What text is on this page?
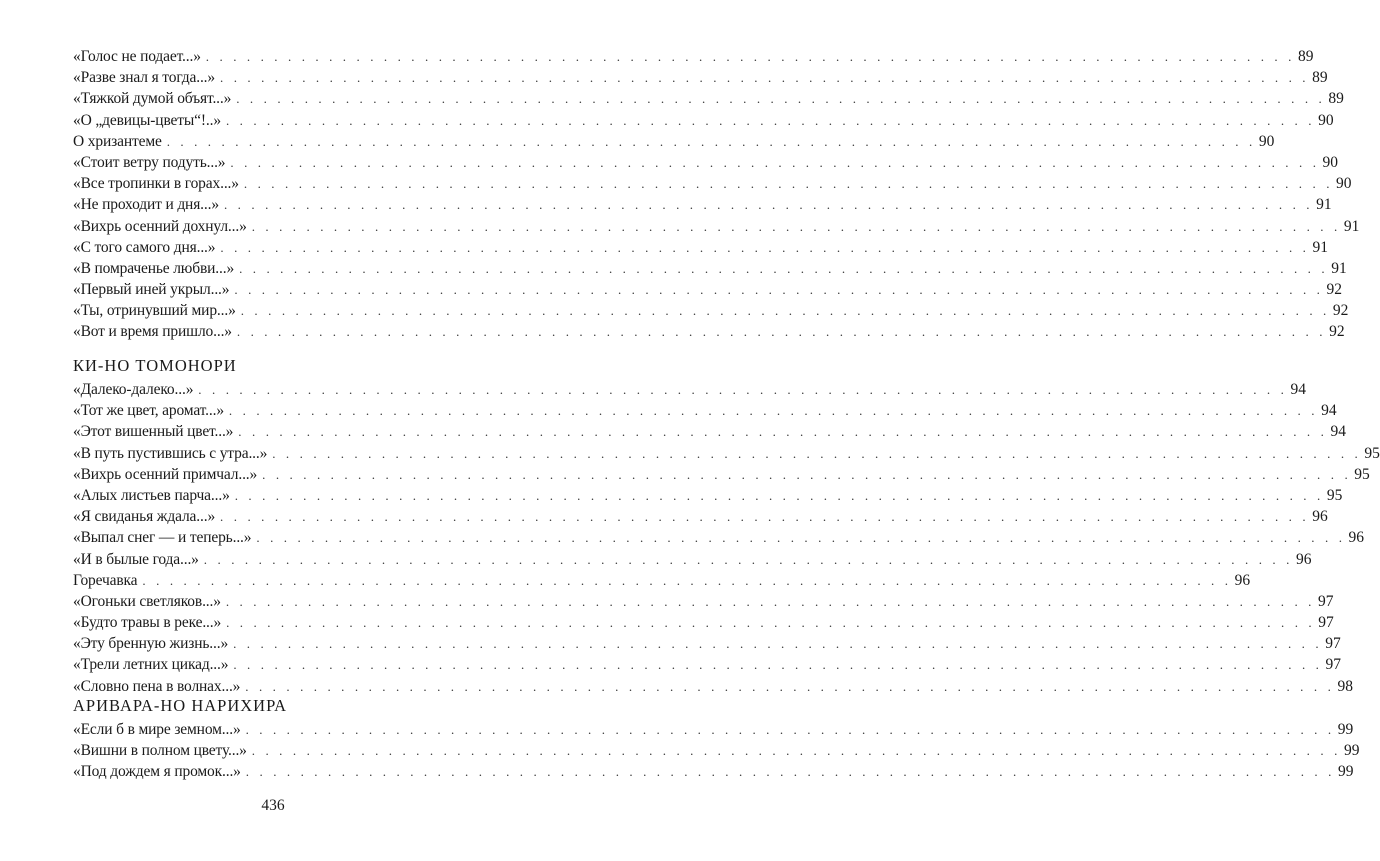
«Голос не подает...» . . . . . . . . . . . . . . . . . . . . . . . . . . . . . . . . . . . . . . . . . . . . . . . . . . . . . . . . . . . . . . . . . . . . . . . . . . . . . . . . 89
«Разве знал я тогда...» . . . . . . . . . . . . . . . . . . . . . . . . . . . . . . . . . . . . . . . . . . . . . . . . . . . . . . . . . . . . . . . . . . . . . . . . . . . . . . . . 89
«Тяжкой думой объят...» . . . . . . . . . . . . . . . . . . . . . . . . . . . . . . . . . . . . . . . . . . . . . . . . . . . . . . . . . . . . . . . . . . . . . . . . . . . . . . . . 89
«О „девицы-цветы“!..» . . . . . . . . . . . . . . . . . . . . . . . . . . . . . . . . . . . . . . . . . . . . . . . . . . . . . . . . . . . . . . . . . . . . . . . . . . . . . . . . 90
О хризантеме . . . . . . . . . . . . . . . . . . . . . . . . . . . . . . . . . . . . . . . . . . . . . . . . . . . . . . . . . . . . . . . . . . . . . . . . . . . . . . . . 90
«Стоит ветру подуть...» . . . . . . . . . . . . . . . . . . . . . . . . . . . . . . . . . . . . . . . . . . . . . . . . . . . . . . . . . . . . . . . . . . . . . . . . . . . . . . . . 90
«Все тропинки в горах...» . . . . . . . . . . . . . . . . . . . . . . . . . . . . . . . . . . . . . . . . . . . . . . . . . . . . . . . . . . . . . . . . . . . . . . . . . . . . . . . . 90
«Не проходит и дня...» . . . . . . . . . . . . . . . . . . . . . . . . . . . . . . . . . . . . . . . . . . . . . . . . . . . . . . . . . . . . . . . . . . . . . . . . . . . . . . . . 91
«Вихрь осенний дохнул...» . . . . . . . . . . . . . . . . . . . . . . . . . . . . . . . . . . . . . . . . . . . . . . . . . . . . . . . . . . . . . . . . . . . . . . . . . . . . . . . . 91
«С того самого дня...» . . . . . . . . . . . . . . . . . . . . . . . . . . . . . . . . . . . . . . . . . . . . . . . . . . . . . . . . . . . . . . . . . . . . . . . . . . . . . . . . 91
«В помраченье любви...» . . . . . . . . . . . . . . . . . . . . . . . . . . . . . . . . . . . . . . . . . . . . . . . . . . . . . . . . . . . . . . . . . . . . . . . . . . . . . . . . 91
«Первый иней укрыл...» . . . . . . . . . . . . . . . . . . . . . . . . . . . . . . . . . . . . . . . . . . . . . . . . . . . . . . . . . . . . . . . . . . . . . . . . . . . . . . . . 92
«Ты, отринувший мир...» . . . . . . . . . . . . . . . . . . . . . . . . . . . . . . . . . . . . . . . . . . . . . . . . . . . . . . . . . . . . . . . . . . . . . . . . . . . . . . . . 92
«Вот и время пришло...» . . . . . . . . . . . . . . . . . . . . . . . . . . . . . . . . . . . . . . . . . . . . . . . . . . . . . . . . . . . . . . . . . . . . . . . . . . . . . . . . 92
КИ-НО ТОМОНОРИ
«Далеко-далеко...» . . . . . . . . . . . . . . . . . . . . . . . . . . . . . . . . . . . . . . . . . . . . . . . . . . . . . . . . . . . . . . . . . . . . . . . . . . . . . . . . 94
«Тот же цвет, аромат...» . . . . . . . . . . . . . . . . . . . . . . . . . . . . . . . . . . . . . . . . . . . . . . . . . . . . . . . . . . . . . . . . . . . . . . . . . . . . . . . . 94
«Этот вишенный цвет...» . . . . . . . . . . . . . . . . . . . . . . . . . . . . . . . . . . . . . . . . . . . . . . . . . . . . . . . . . . . . . . . . . . . . . . . . . . . . . . . . 94
«В путь пустившись с утра...» . . . . . . . . . . . . . . . . . . . . . . . . . . . . . . . . . . . . . . . . . . . . . . . . . . . . . . . . . . . . . . . . . . . . . . . . . . . . . . . . 95
«Вихрь осенний примчал...» . . . . . . . . . . . . . . . . . . . . . . . . . . . . . . . . . . . . . . . . . . . . . . . . . . . . . . . . . . . . . . . . . . . . . . . . . . . . . . . . 95
«Алых листьев парча...» . . . . . . . . . . . . . . . . . . . . . . . . . . . . . . . . . . . . . . . . . . . . . . . . . . . . . . . . . . . . . . . . . . . . . . . . . . . . . . . . 95
«Я свиданья ждала...» . . . . . . . . . . . . . . . . . . . . . . . . . . . . . . . . . . . . . . . . . . . . . . . . . . . . . . . . . . . . . . . . . . . . . . . . . . . . . . . . 96
«Выпал снег — и теперь...» . . . . . . . . . . . . . . . . . . . . . . . . . . . . . . . . . . . . . . . . . . . . . . . . . . . . . . . . . . . . . . . . . . . . . . . . . . . . . . . . 96
«И в былые года...» . . . . . . . . . . . . . . . . . . . . . . . . . . . . . . . . . . . . . . . . . . . . . . . . . . . . . . . . . . . . . . . . . . . . . . . . . . . . . . . . 96
Горечавка . . . . . . . . . . . . . . . . . . . . . . . . . . . . . . . . . . . . . . . . . . . . . . . . . . . . . . . . . . . . . . . . . . . . . . . . . . . . . . . . 96
«Огоньки светляков...» . . . . . . . . . . . . . . . . . . . . . . . . . . . . . . . . . . . . . . . . . . . . . . . . . . . . . . . . . . . . . . . . . . . . . . . . . . . . . . . . 97
«Будто травы в реке...» . . . . . . . . . . . . . . . . . . . . . . . . . . . . . . . . . . . . . . . . . . . . . . . . . . . . . . . . . . . . . . . . . . . . . . . . . . . . . . . . 97
«Эту бренную жизнь...» . . . . . . . . . . . . . . . . . . . . . . . . . . . . . . . . . . . . . . . . . . . . . . . . . . . . . . . . . . . . . . . . . . . . . . . . . . . . . . . . 97
«Трели летних цикад...» . . . . . . . . . . . . . . . . . . . . . . . . . . . . . . . . . . . . . . . . . . . . . . . . . . . . . . . . . . . . . . . . . . . . . . . . . . . . . . . . 97
«Словно пена в волнах...» . . . . . . . . . . . . . . . . . . . . . . . . . . . . . . . . . . . . . . . . . . . . . . . . . . . . . . . . . . . . . . . . . . . . . . . . . . . . . . . . 98
АРИВАРА-НО НАРИХИРА
«Если б в мире земном...» . . . . . . . . . . . . . . . . . . . . . . . . . . . . . . . . . . . . . . . . . . . . . . . . . . . . . . . . . . . . . . . . . . . . . . . . . . . . . . . . 99
«Вишни в полном цвету...» . . . . . . . . . . . . . . . . . . . . . . . . . . . . . . . . . . . . . . . . . . . . . . . . . . . . . . . . . . . . . . . . . . . . . . . . . . . . . . . . 99
«Под дождем я промок...» . . . . . . . . . . . . . . . . . . . . . . . . . . . . . . . . . . . . . . . . . . . . . . . . . . . . . . . . . . . . . . . . . . . . . . . . . . . . . . . . 99
436
